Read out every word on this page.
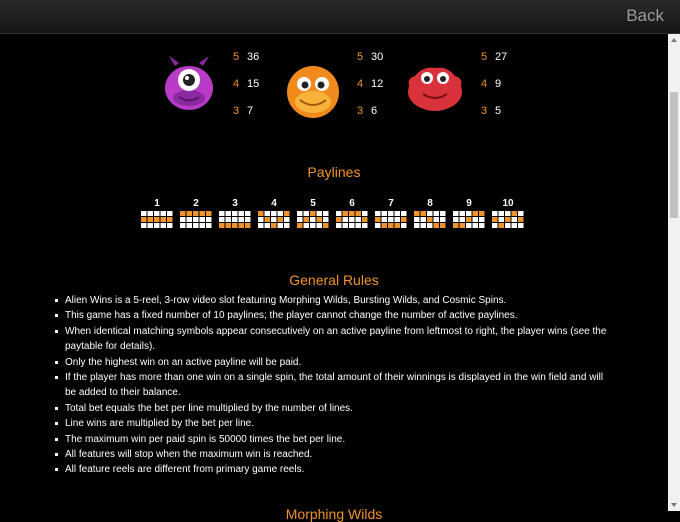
Back
5 36
4 15
3 7
5 30
4 12
3 6
5 27
4 9
3 5
Paylines
1	2	3	4	5	6	7	8	9	10
General Rules
Alien Wins is a 5-reel, 3-row video slot featuring Morphing Wilds, Bursting Wilds, and Cosmic Spins.
This game has a fixed number of 10 paylines; the player cannot change the number of active paylines.
When identical matching symbols appear consecutively on an active payline from leftmost to right, the player wins (see the paytable for details).
Only the highest win on an active payline will be paid.
If the player has more than one win on a single spin, the total amount of their winnings is displayed in the win field and will be added to their balance.
Total bet equals the bet per line multiplied by the number of lines.
Line wins are multiplied by the bet per line.
The maximum win per paid spin is 50000 times the bet per line.
All features will stop when the maximum win is reached.
All feature reels are different from primary game reels.
Morphing Wilds
